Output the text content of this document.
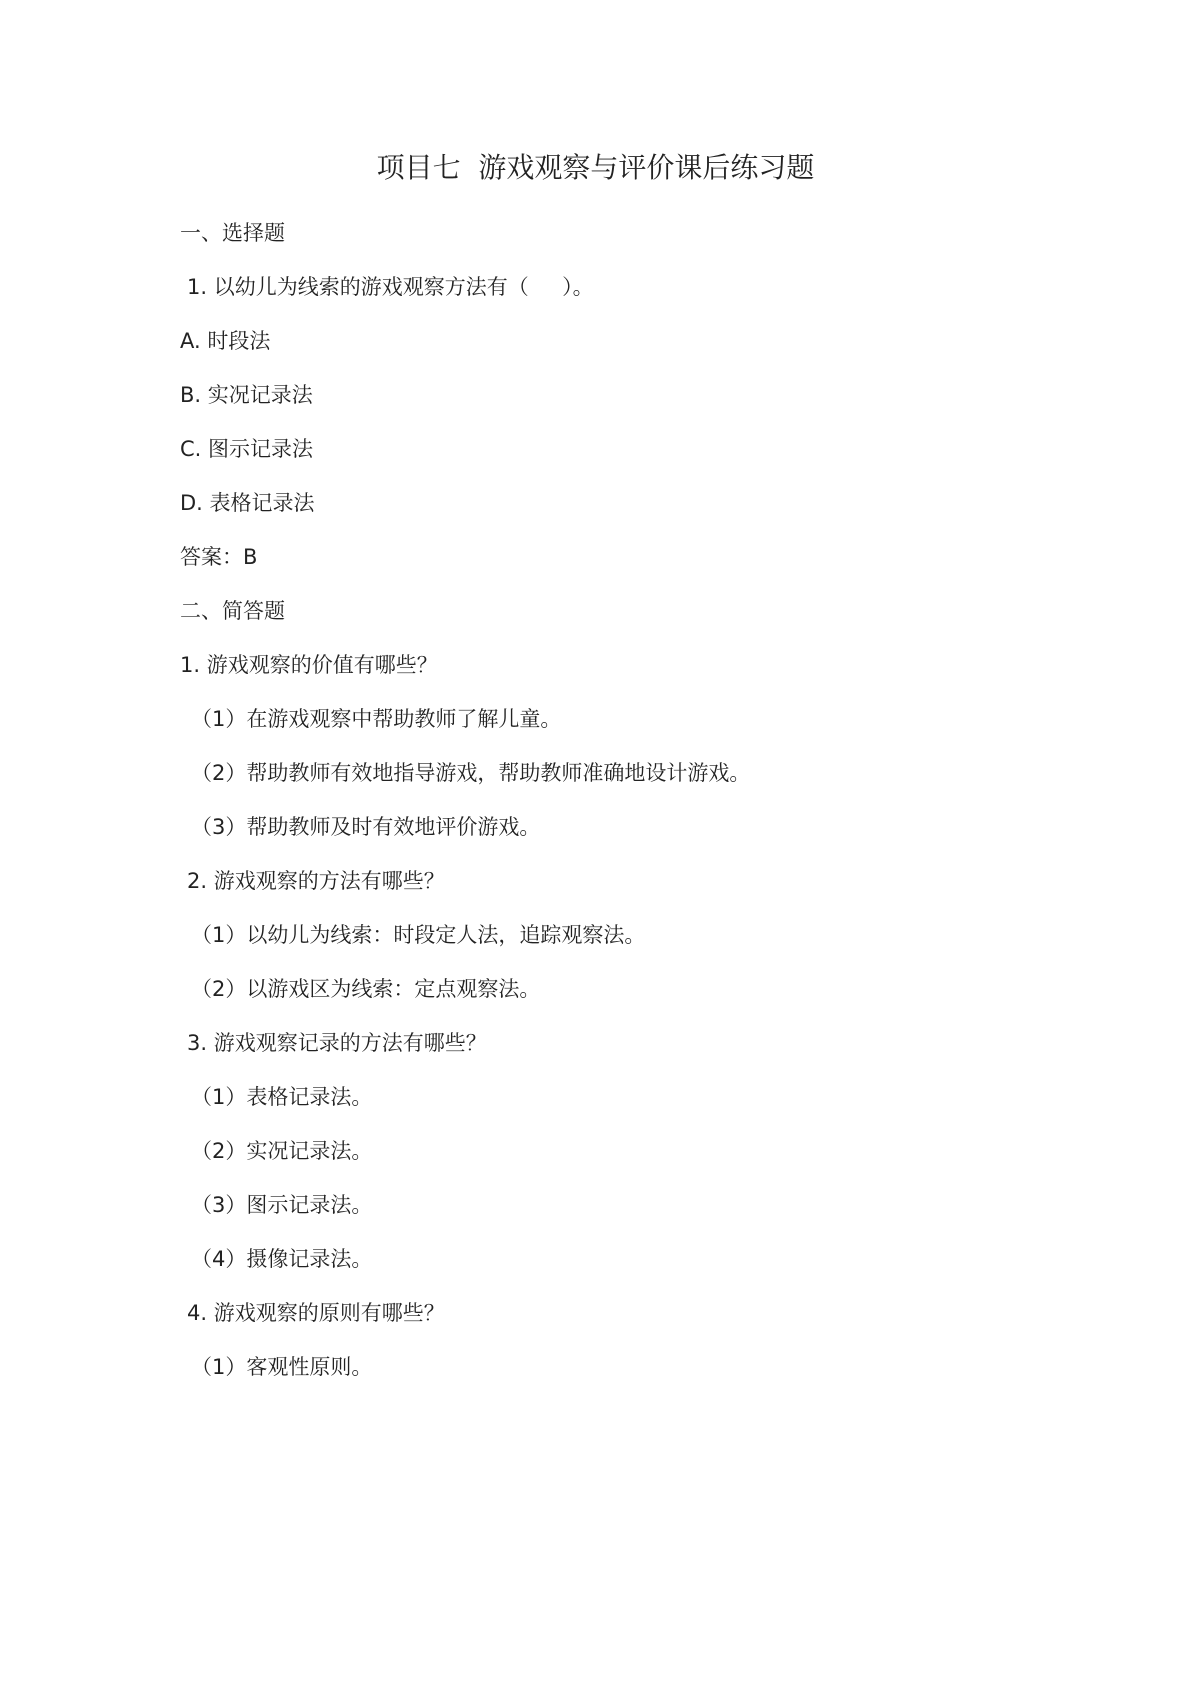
项目七  游戏观察与评价课后练习题
一、选择题
1. 以幼儿为线索的游戏观察方法有（     ）。
A. 时段法
B. 实况记录法
C. 图示记录法
D. 表格记录法
答案：B
二、简答题
1. 游戏观察的价值有哪些？
（1）在游戏观察中帮助教师了解儿童。
（2）帮助教师有效地指导游戏，帮助教师准确地设计游戏。
（3）帮助教师及时有效地评价游戏。
2. 游戏观察的方法有哪些？
（1）以幼儿为线索：时段定人法，追踪观察法。
（2）以游戏区为线索：定点观察法。
3. 游戏观察记录的方法有哪些？
（1）表格记录法。
（2）实况记录法。
（3）图示记录法。
（4）摄像记录法。
4. 游戏观察的原则有哪些？
（1）客观性原则。
